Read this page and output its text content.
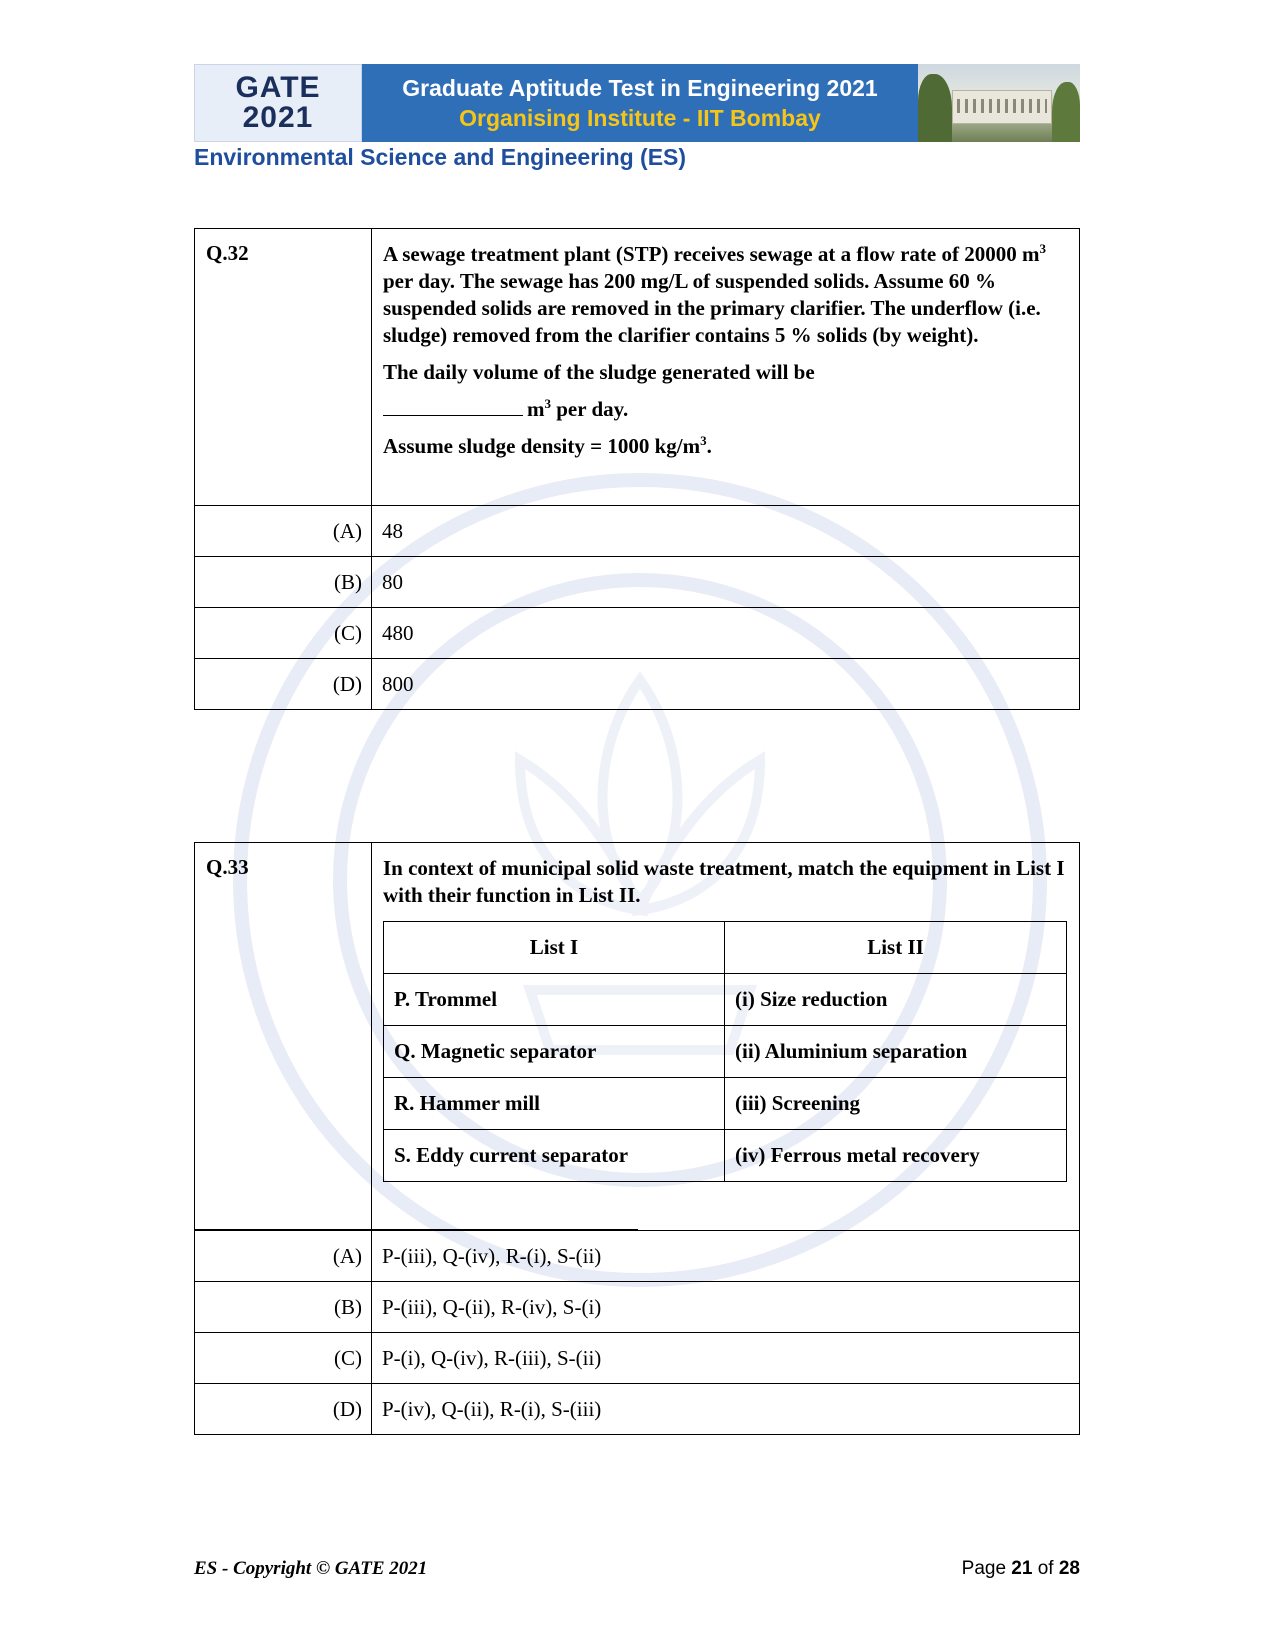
GATE
2021
Graduate Aptitude Test in Engineering 2021
Organising Institute - IIT Bombay
Environmental Science and Engineering (ES)
Q.32	A sewage treatment plant (STP) receives sewage at a flow rate of 20000 $m^3$ per day. The sewage has 200 mg/L of suspended solids. Assume 60 % suspended solids are removed in the primary clarifier. The underflow (i.e. sludge) removed from the clarifier contains 5 % solids (by weight).

The daily volume of the sludge generated will be

$m^3$ per day.

Assume sludge density = 1000 $kg/m^3$.

(A)	48
(B)	80
(C)	480
(D)	800
Q.33	In context of municipal solid waste treatment, match the equipment in List I with their function in List II.

List I	List II
P. Trommel	(i) Size reduction
Q. Magnetic separator	(ii) Aluminium separation
R. Hammer mill	(iii) Screening
S. Eddy current separator	(iv) Ferrous metal recovery

(A)	P-(iii), Q-(iv), R-(i), S-(ii)
(B)	P-(iii), Q-(ii), R-(iv), S-(i)
(C)	P-(i), Q-(iv), R-(iii), S-(ii)
(D)	P-(iv), Q-(ii), R-(i), S-(iii)
ES - Copyright © GATE 2021	Page 21 of 28
